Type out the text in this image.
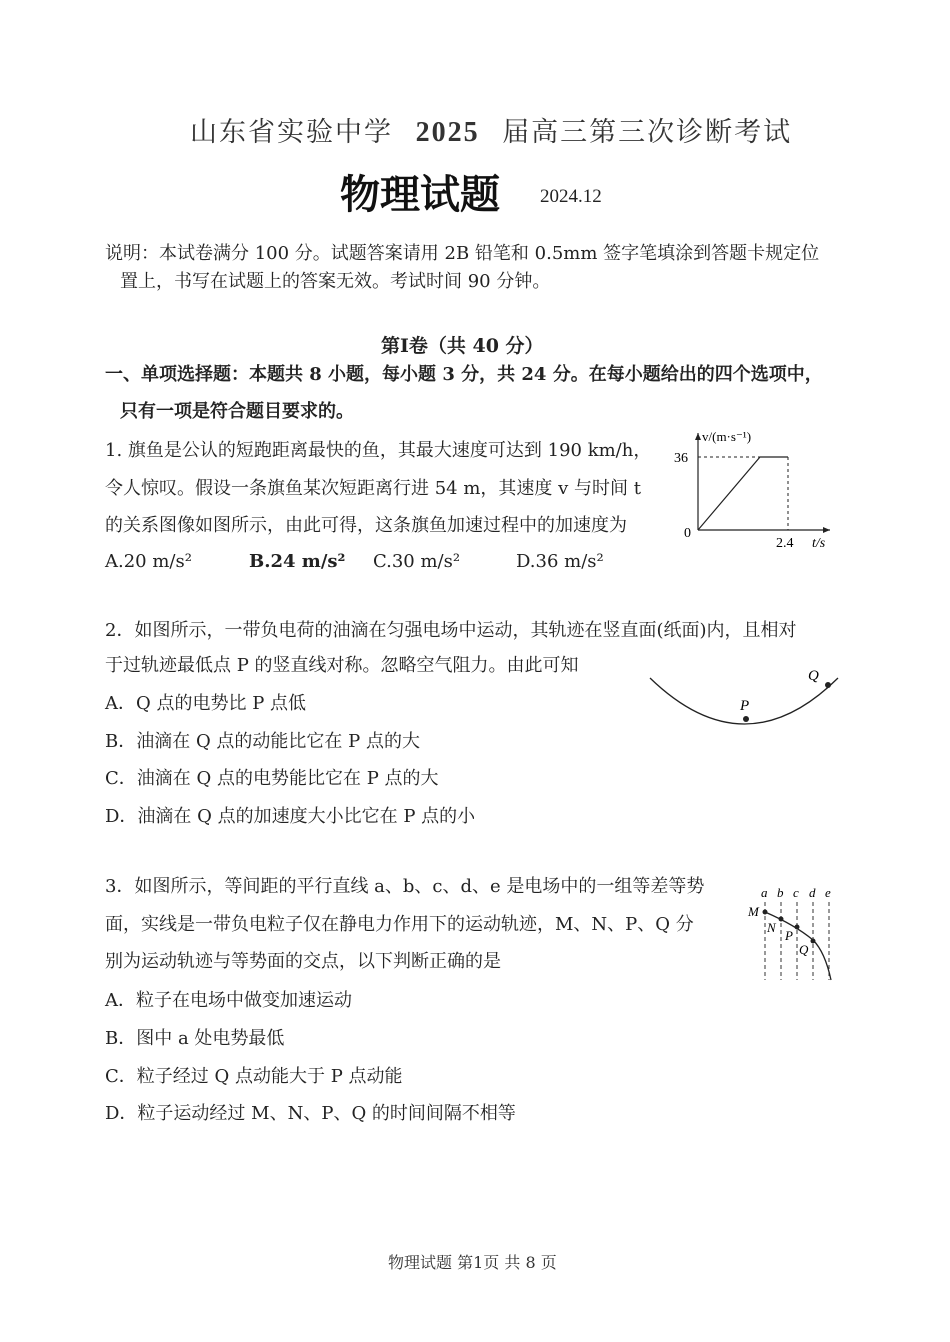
山东省实验中学 2025 届高三第三次诊断考试
物理试题 2024.12
说明：本试卷满分 100 分。试题答案请用 2B 铅笔和 0.5mm 签字笔填涂到答题卡规定位
置上，书写在试题上的答案无效。考试时间 90 分钟。
第Ⅰ卷（共 40 分）
一、单项选择题：本题共 8 小题，每小题 3 分，共 24 分。在每小题给出的四个选项中，
只有一项是符合题目要求的。
1. 旗鱼是公认的短跑距离最快的鱼，其最大速度可达到 190 km/h，
令人惊叹。假设一条旗鱼某次短距离行进 54 m，其速度 v 与时间 t
的关系图像如图所示，由此可得，这条旗鱼加速过程中的加速度为
A.20 m/s²	B.24 m/s² C.30 m/s²	D.36 m/s²
v/(m·s⁻¹)
36
0
2.4 t/s
2．如图所示，一带负电荷的油滴在匀强电场中运动，其轨迹在竖直面(纸面)内，且相对
于过轨迹最低点 P 的竖直线对称。忽略空气阻力。由此可知
A．Q 点的电势比 P 点低
B．油滴在 Q 点的动能比它在 P 点的大
C．油滴在 Q 点的电势能比它在 P 点的大
D．油滴在 Q 点的加速度大小比它在 P 点的小
P
Q
3．如图所示，等间距的平行直线 a、b、c、d、e 是电场中的一组等差等势
面，实线是一带负电粒子仅在静电力作用下的运动轨迹，M、N、P、Q 分
别为运动轨迹与等势面的交点，以下判断正确的是
A．粒子在电场中做变加速运动
B．图中 a 处电势最低
C．粒子经过 Q 点动能大于 P 点动能
D．粒子运动经过 M、N、P、Q 的时间间隔不相等
a b c d e
M
N
P
Q
物理试题 第1页 共 8 页
